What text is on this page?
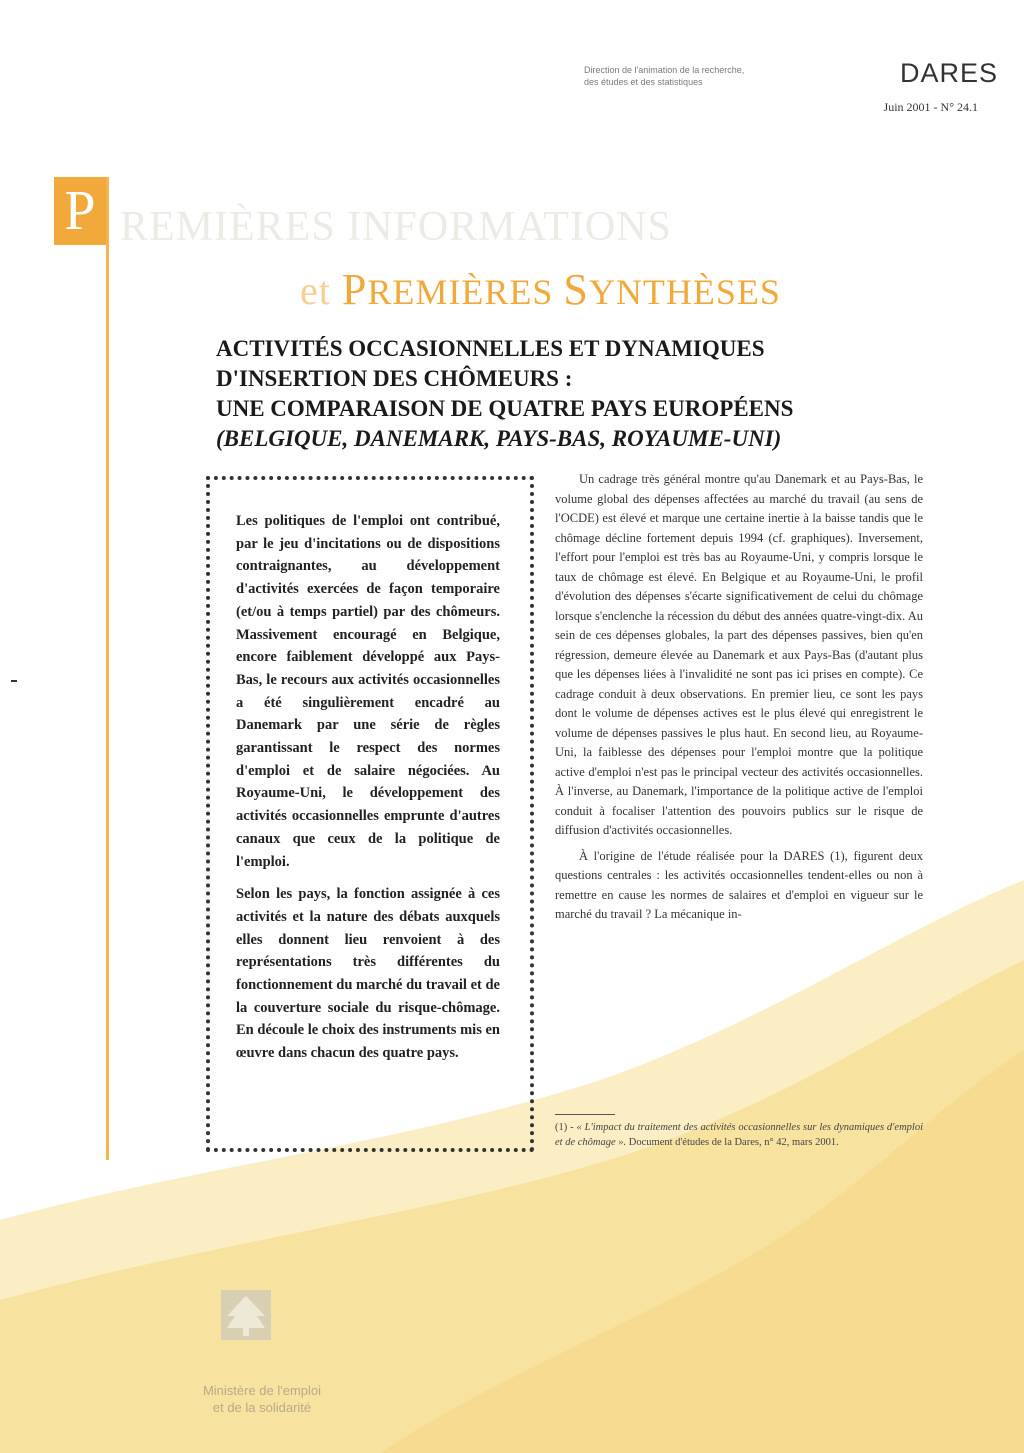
Direction de l'animation de la recherche,
des études et des statistiques	DARES
Juin 2001 - N° 24.1
P REMIÈRES INFORMATIONS
et PREMIÈRES SYNTHÈSES
ACTIVITÉS OCCASIONNELLES ET DYNAMIQUES
D'INSERTION DES CHÔMEURS :
UNE COMPARAISON DE QUATRE PAYS EUROPÉENS
(BELGIQUE, DANEMARK, PAYS-BAS, ROYAUME-UNI)

Les politiques de l'emploi ont contribué, par le jeu d'incitations ou de dispositions contraignantes, au développement d'activités exercées de façon temporaire (et/ou à temps partiel) par des chômeurs. Massivement encouragé en Belgique, encore faiblement développé aux Pays-Bas, le recours aux activités occasionnelles a été singulièrement encadré au Danemark par une série de règles garantissant le respect des normes d'emploi et de salaire négociées. Au Royaume-Uni, le développement des activités occasionnelles emprunte d'autres canaux que ceux de la politique de l'emploi.

Selon les pays, la fonction assignée à ces activités et la nature des débats auxquels elles donnent lieu renvoient à des représentations très différentes du fonctionnement du marché du travail et de la couverture sociale du risque-chômage. En découle le choix des instruments mis en œuvre dans chacun des quatre pays.

Un cadrage très général montre qu'au Danemark et au Pays-Bas, le volume global des dépenses affectées au marché du travail (au sens de l'OCDE) est élevé et marque une certaine inertie à la baisse tandis que le chômage décline fortement depuis 1994 (cf. graphiques). Inversement, l'effort pour l'emploi est très bas au Royaume-Uni, y compris lorsque le taux de chômage est élevé. En Belgique et au Royaume-Uni, le profil d'évolution des dépenses s'écarte significativement de celui du chômage lorsque s'enclenche la récession du début des années quatre-vingt-dix. Au sein de ces dépenses globales, la part des dépenses passives, bien qu'en régression, demeure élevée au Danemark et aux Pays-Bas (d'autant plus que les dépenses liées à l'invalidité ne sont pas ici prises en compte). Ce cadrage conduit à deux observations. En premier lieu, ce sont les pays dont le volume de dépenses actives est le plus élevé qui enregistrent le volume de dépenses passives le plus haut. En second lieu, au Royaume-Uni, la faiblesse des dépenses pour l'emploi montre que la politique active d'emploi n'est pas le principal vecteur des activités occasionnelles. À l'inverse, au Danemark, l'importance de la politique active de l'emploi conduit à focaliser l'attention des pouvoirs publics sur le risque de diffusion d'activités occasionnelles.

À l'origine de l'étude réalisée pour la DARES (1), figurent deux questions centrales : les activités occasionnelles tendent-elles ou non à remettre en cause les normes de salaires et d'emploi en vigueur sur le marché du travail ? La mécanique in-

(1) - « L'impact du traitement des activités occasionnelles sur les dynamiques d'emploi et de chômage ». Document d'études de la Dares, n° 42, mars 2001.
Ministère de l'emploi
et de la solidarité
